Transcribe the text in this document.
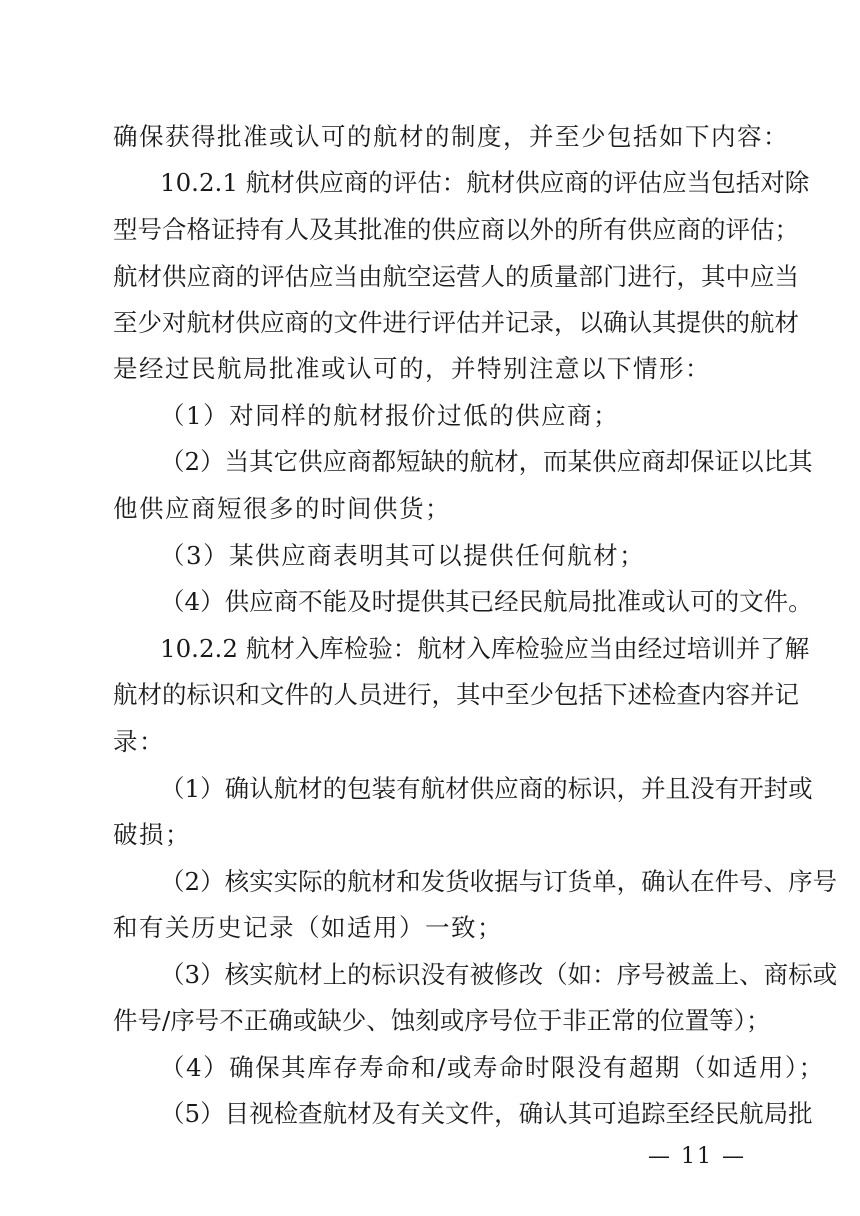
确保获得批准或认可的航材的制度，并至少包括如下内容：
10.2.1 航材供应商的评估：航材供应商的评估应当包括对除
型号合格证持有人及其批准的供应商以外的所有供应商的评估；
航材供应商的评估应当由航空运营人的质量部门进行，其中应当
至少对航材供应商的文件进行评估并记录，以确认其提供的航材
是经过民航局批准或认可的，并特别注意以下情形：
（1）对同样的航材报价过低的供应商；
（2）当其它供应商都短缺的航材，而某供应商却保证以比其
他供应商短很多的时间供货；
（3）某供应商表明其可以提供任何航材；
（4）供应商不能及时提供其已经民航局批准或认可的文件。
10.2.2 航材入库检验：航材入库检验应当由经过培训并了解
航材的标识和文件的人员进行，其中至少包括下述检查内容并记
录：
（1）确认航材的包装有航材供应商的标识，并且没有开封或
破损；
（2）核实实际的航材和发货收据与订货单，确认在件号、序号
和有关历史记录（如适用）一致；
（3）核实航材上的标识没有被修改（如：序号被盖上、商标或
件号/序号不正确或缺少、蚀刻或序号位于非正常的位置等）；
（4）确保其库存寿命和/或寿命时限没有超期（如适用）；
（5）目视检查航材及有关文件，确认其可追踪至经民航局批
— 11 —
